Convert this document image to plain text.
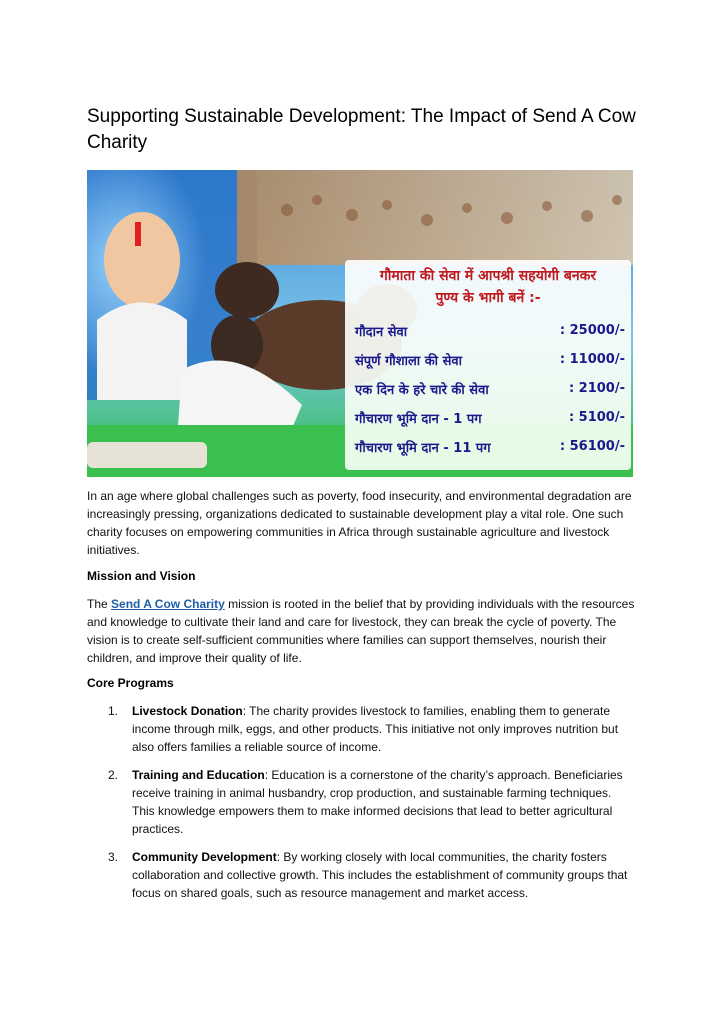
Supporting Sustainable Development: The Impact of Send A Cow Charity
गौमाता की सेवा में आपश्री सहयोगी बनकर
पुण्य के भागी बनें :-
गौदान सेवा	: 25000/-
संपूर्ण गौशाला की सेवा	: 11000/-
एक दिन के हरे चारे की सेवा	: 2100/-
गौचारण भूमि दान - 1 पग	: 5100/-
गौचारण भूमि दान - 11 पग	: 56100/-

In an age where global challenges such as poverty, food insecurity, and environmental degradation are increasingly pressing, organizations dedicated to sustainable development play a vital role. One such charity focuses on empowering communities in Africa through sustainable agriculture and livestock initiatives.

Mission and Vision

The Send A Cow Charity mission is rooted in the belief that by providing individuals with the resources and knowledge to cultivate their land and care for livestock, they can break the cycle of poverty. The vision is to create self-sufficient communities where families can support themselves, nourish their children, and improve their quality of life.

Core Programs

1. Livestock Donation: The charity provides livestock to families, enabling them to generate income through milk, eggs, and other products. This initiative not only improves nutrition but also offers families a reliable source of income.
2. Training and Education: Education is a cornerstone of the charity’s approach. Beneficiaries receive training in animal husbandry, crop production, and sustainable farming techniques. This knowledge empowers them to make informed decisions that lead to better agricultural practices.
3. Community Development: By working closely with local communities, the charity fosters collaboration and collective growth. This includes the establishment of community groups that focus on shared goals, such as resource management and market access.
